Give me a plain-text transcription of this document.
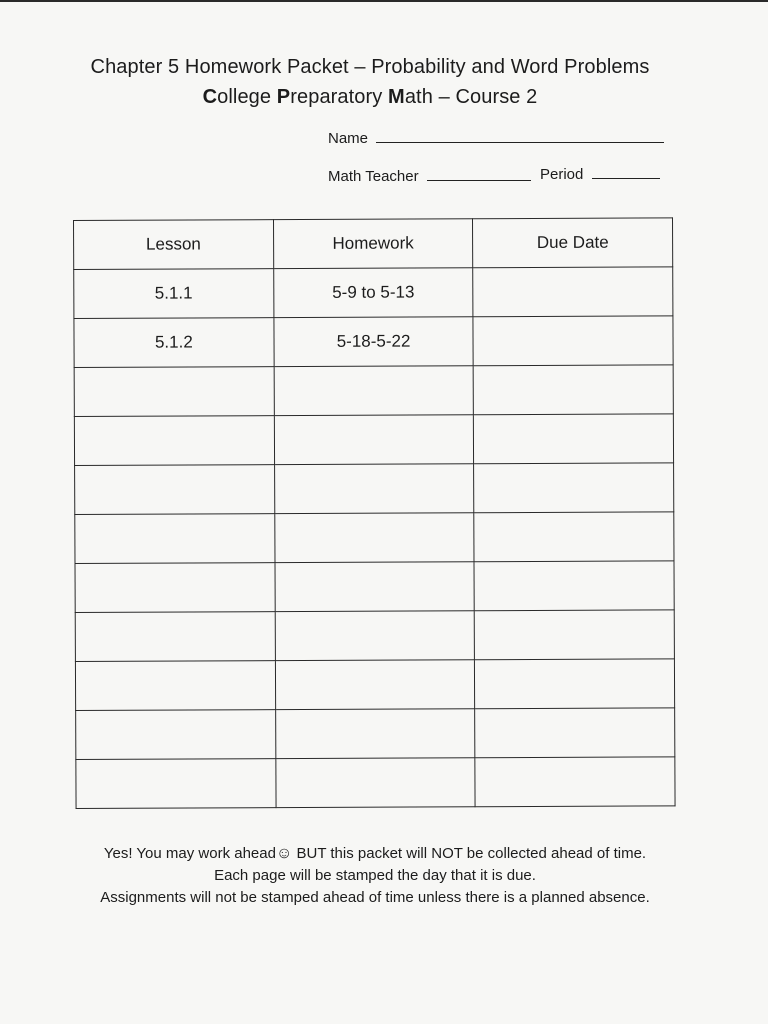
Chapter 5 Homework Packet – Probability and Word Problems
College Preparatory Math – Course 2
Name
Math Teacher	Period
Lesson	Homework	Due Date
5.1.1	5-9 to 5-13	
5.1.2	5-18-5-22	

Yes! You may work ahead☺ BUT this packet will NOT be collected ahead of time.
Each page will be stamped the day that it is due.
Assignments will not be stamped ahead of time unless there is a planned absence.
